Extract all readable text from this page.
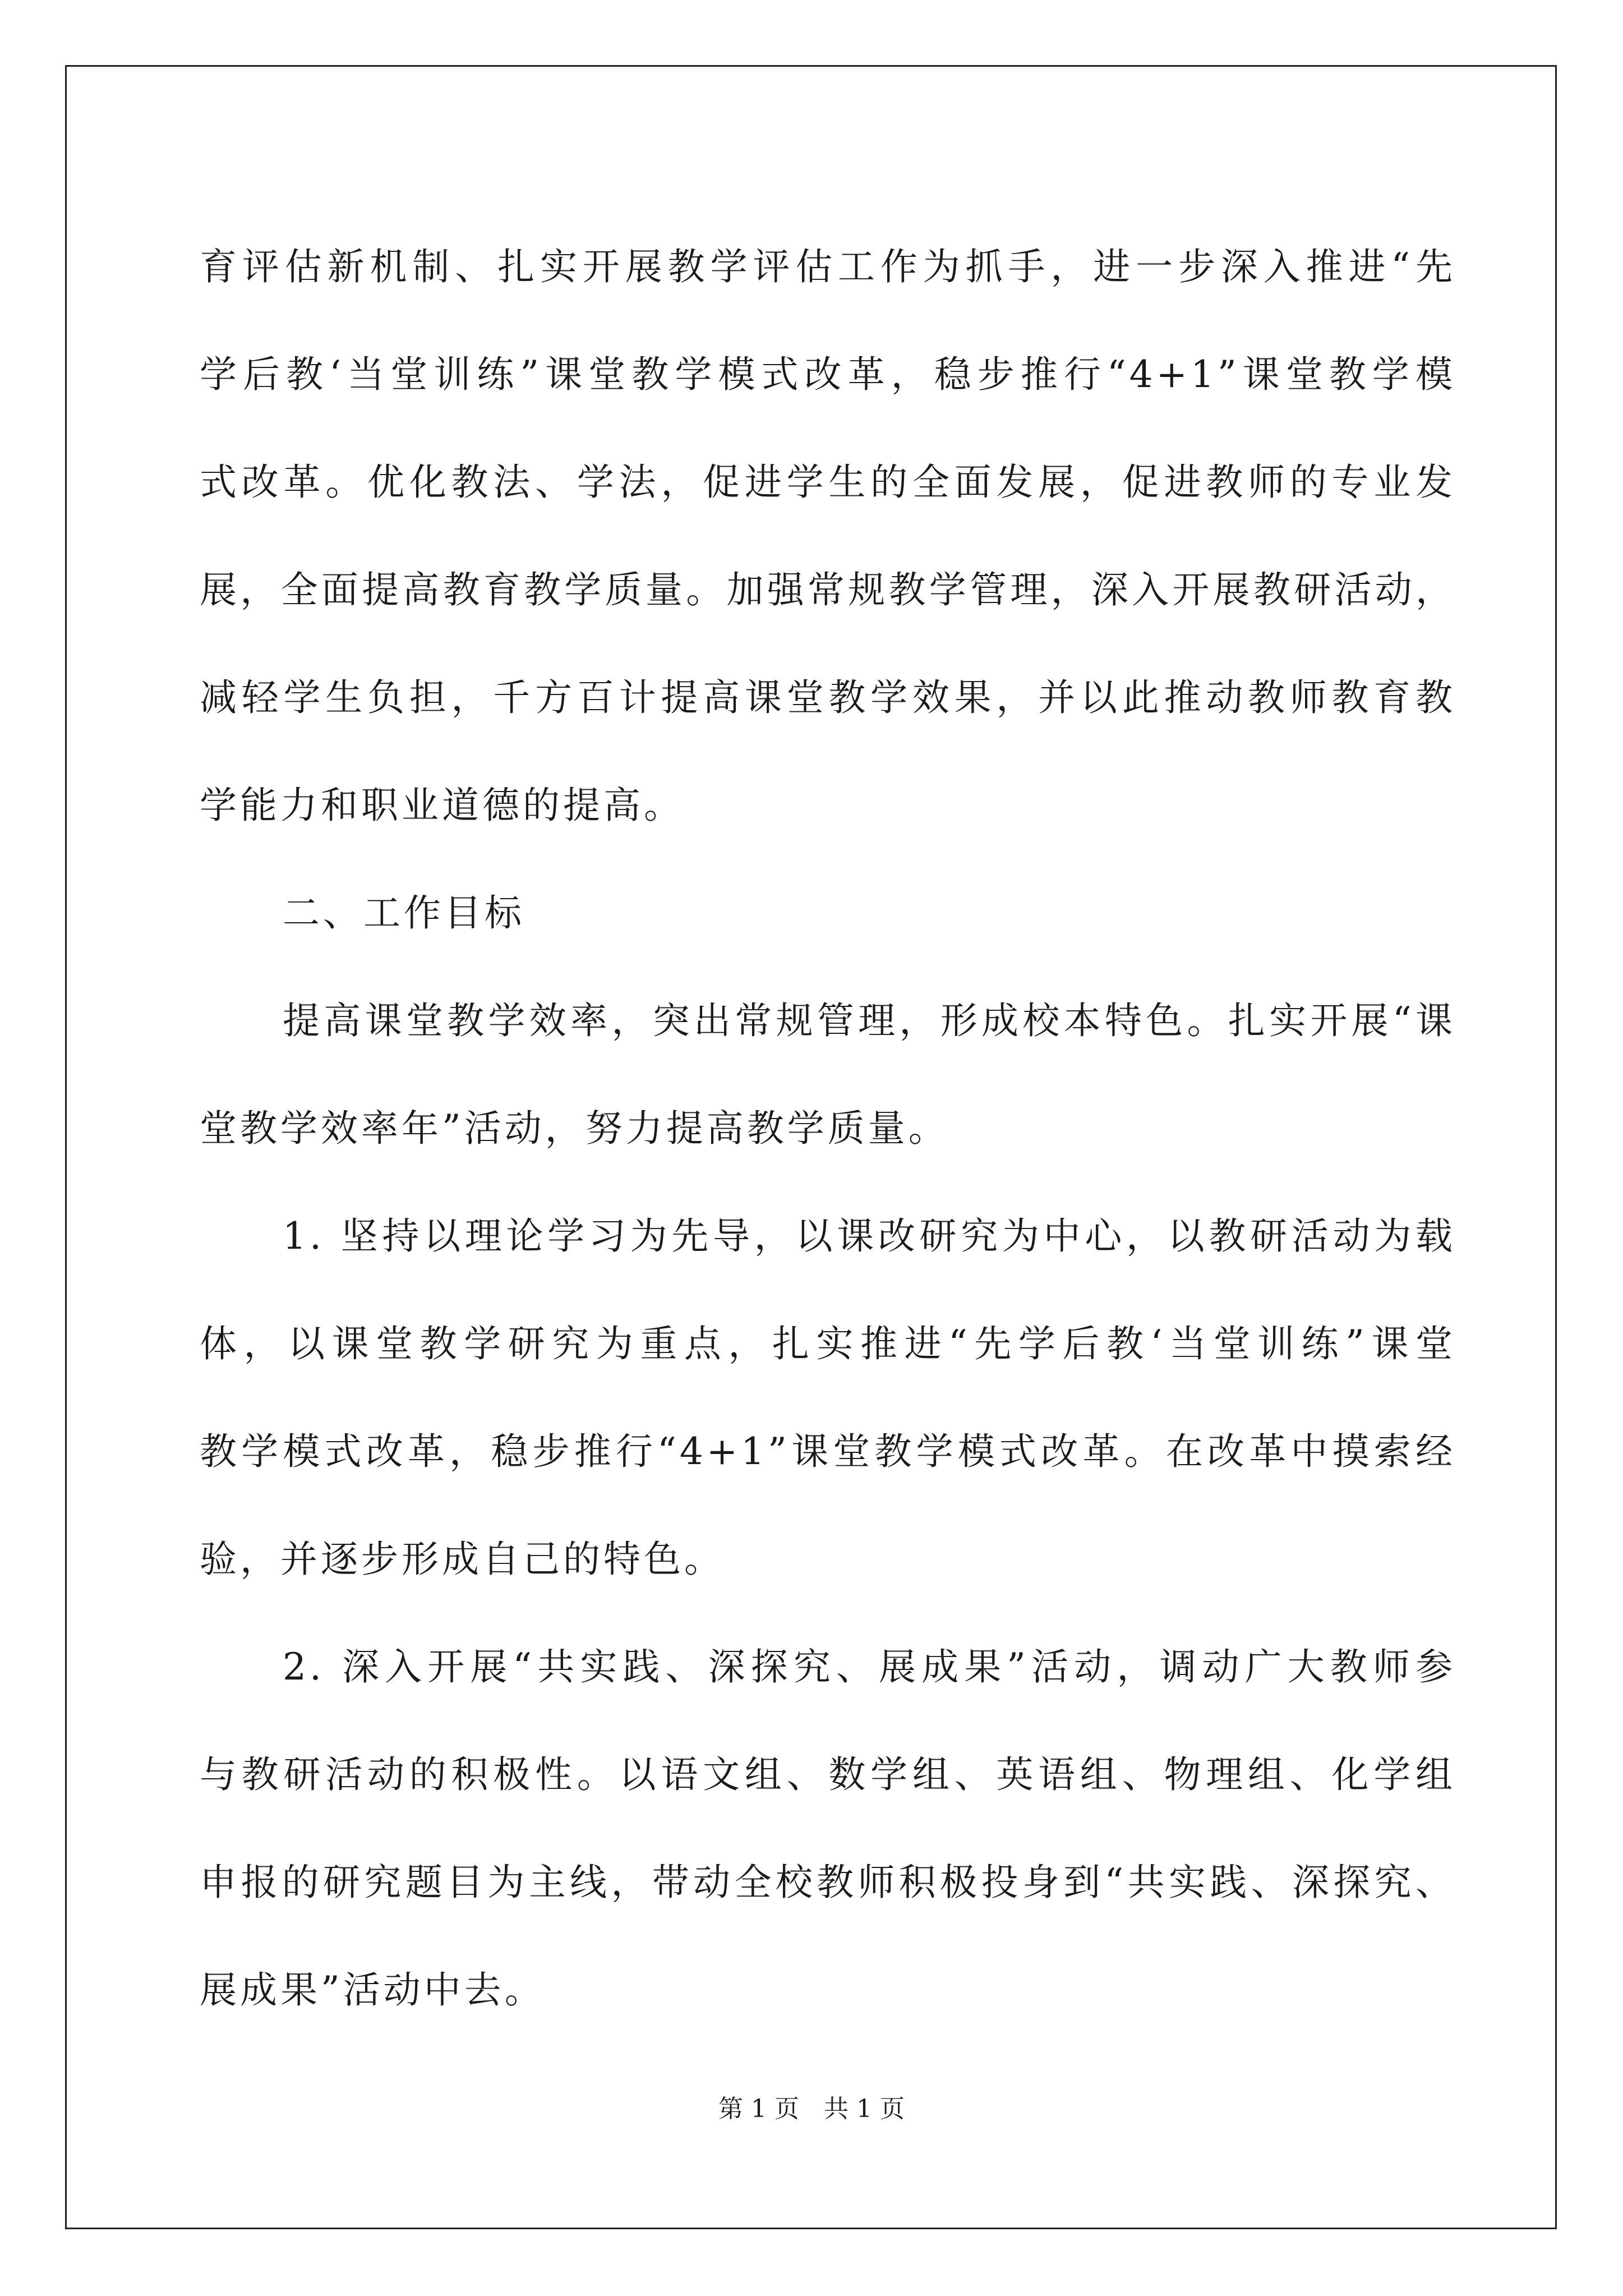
育评估新机制、扎实开展教学评估工作为抓手，进一步深入推进“先
学后教‘当堂训练”课堂教学模式改革，稳步推行“4+1”课堂教学模
式改革。优化教法、学法，促进学生的全面发展，促进教师的专业发
展，全面提高教育教学质量。加强常规教学管理，深入开展教研活动，
减轻学生负担，千方百计提高课堂教学效果，并以此推动教师教育教
学能力和职业道德的提高。
二、工作目标
提高课堂教学效率，突出常规管理，形成校本特色。扎实开展“课
堂教学效率年”活动，努力提高教学质量。
1. 坚持以理论学习为先导，以课改研究为中心，以教研活动为载
体，以课堂教学研究为重点，扎实推进“先学后教‘当堂训练”课堂
教学模式改革，稳步推行“4+1”课堂教学模式改革。在改革中摸索经
验，并逐步形成自己的特色。
2. 深入开展“共实践、深探究、展成果”活动，调动广大教师参
与教研活动的积极性。以语文组、数学组、英语组、物理组、化学组
申报的研究题目为主线，带动全校教师积极投身到“共实践、深探究、
展成果”活动中去。
第 1 页 共 1 页
